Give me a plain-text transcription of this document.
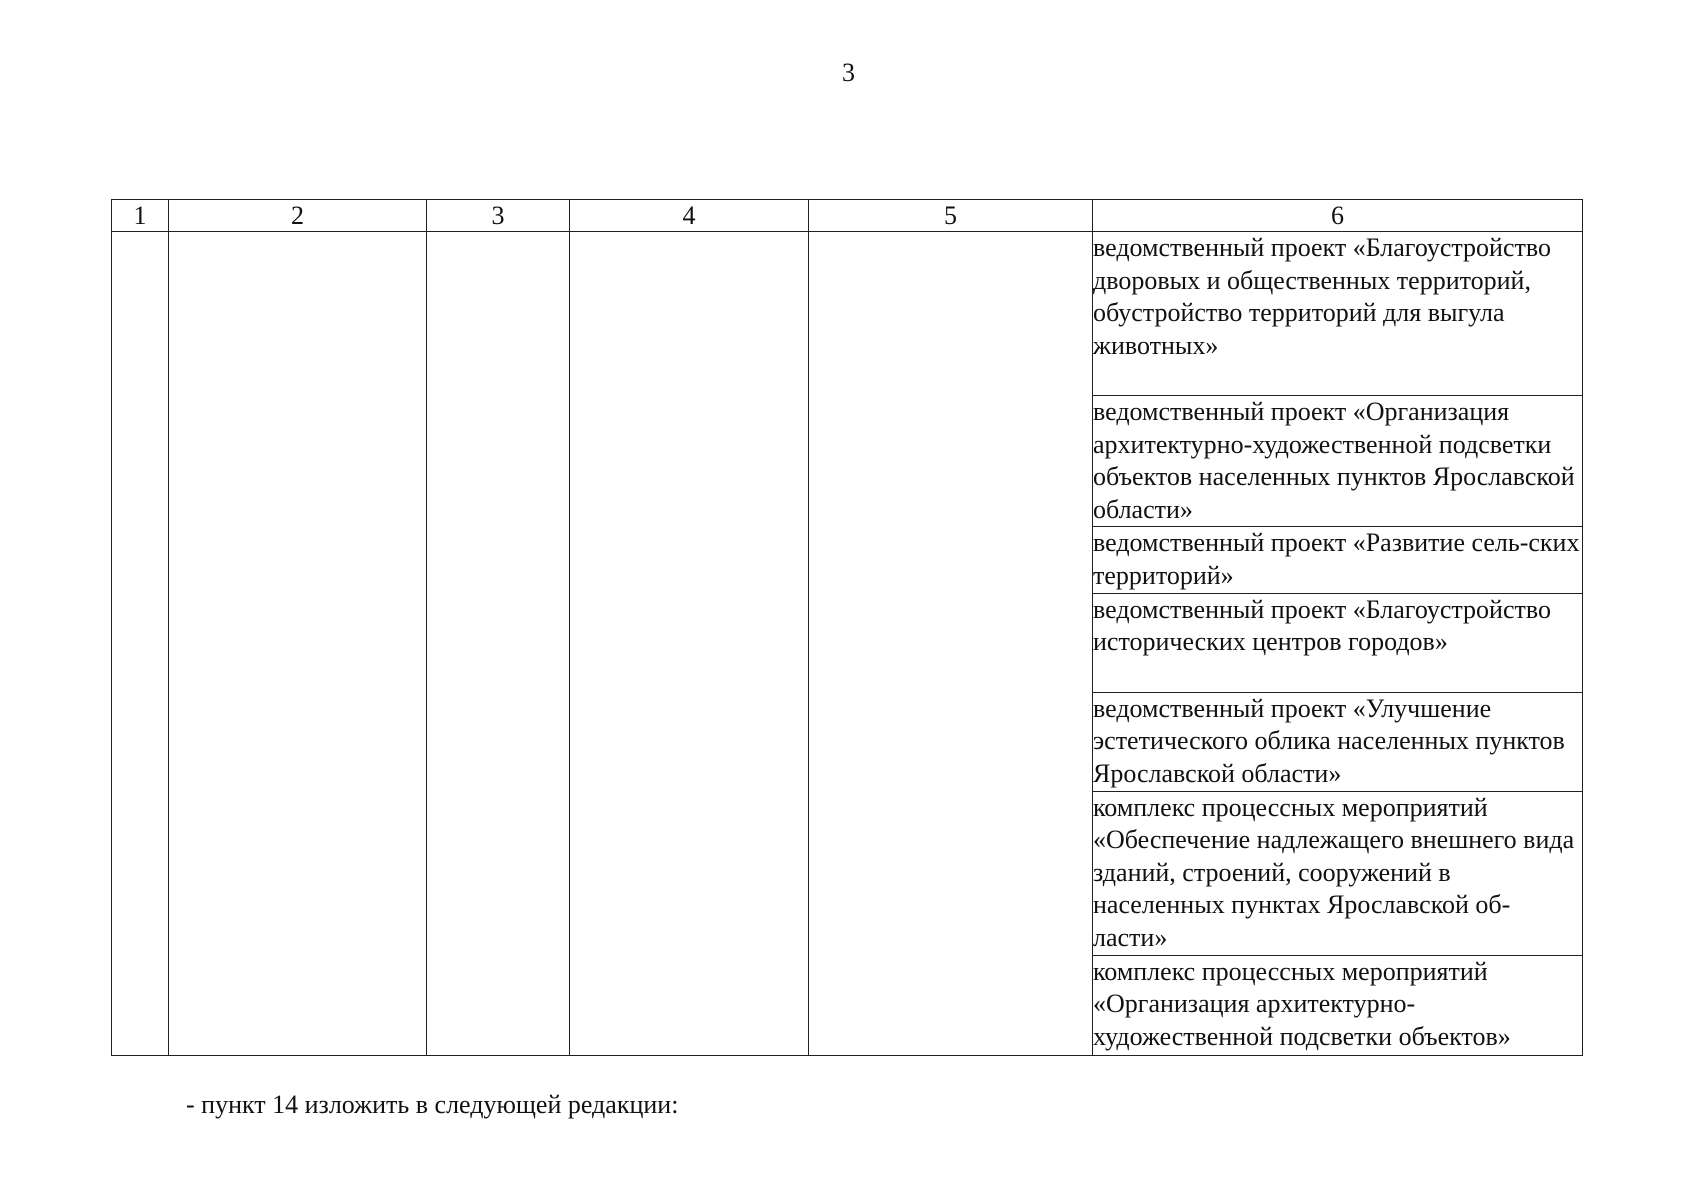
3
1	2	3	4	5	6
					ведомственный проект «Благоустройство дворовых и общественных территорий, обустройство территорий для выгула животных»
					ведомственный проект «Организация архитектурно-художественной подсветки объектов населенных пунктов Ярославской области»
					ведомственный проект «Развитие сель-ских территорий»
					ведомственный проект «Благоустройство исторических центров городов»
					ведомственный проект «Улучшение эстетического облика населенных пунктов Ярославской области»
					комплекс процессных мероприятий «Обеспечение надлежащего внешнего вида зданий, строений, сооружений в населенных пунктах Ярославской об-ласти»
					комплекс процессных мероприятий «Организация архитектурно-художественной подсветки объектов»
- пункт 14 изложить в следующей редакции:
